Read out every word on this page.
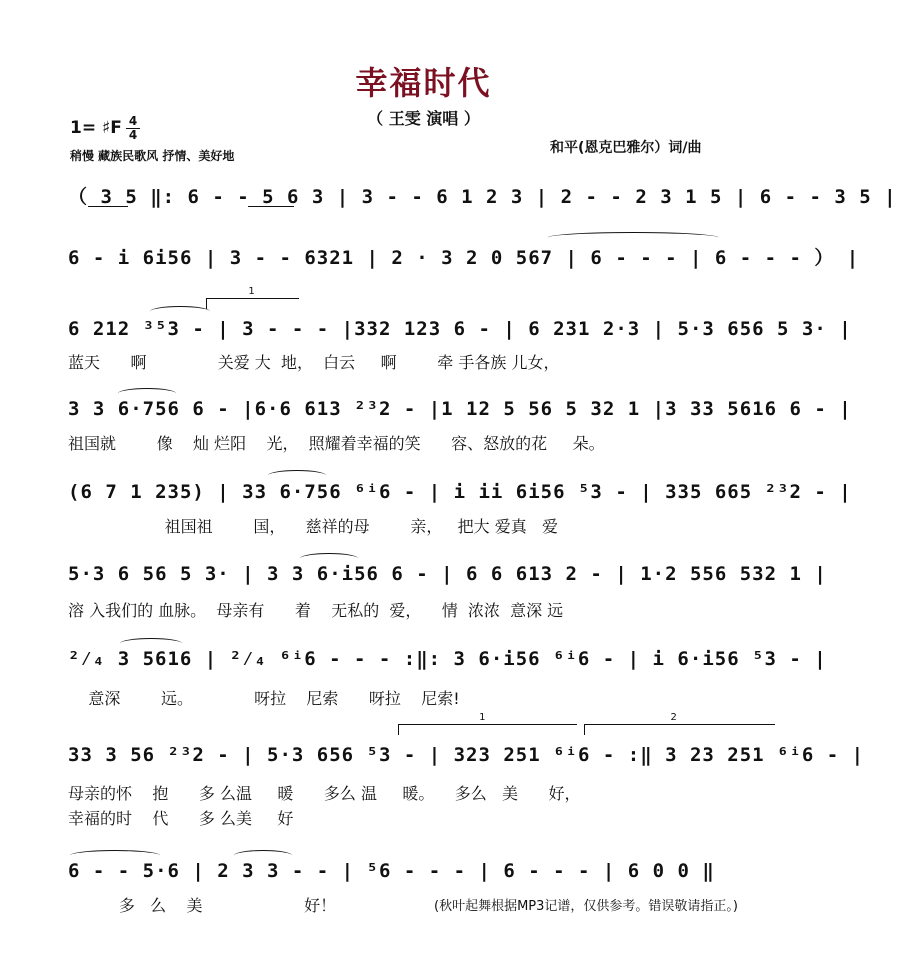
幸福时代
（ 王雯 演唱 ）
1= ♯F 4
4
稍慢 藏族民歌风 抒情、美好地	和平(恩克巴雅尔）词/曲
（ 3 5 ‖: 6 - - 5 6 3 | 3 - - 6 1 2 3 | 2 - - 2 3 1 5 | 6 - - 3 5 |
6 - i 6i56 | 3 - - 6321 | 2 · 3 2 0 567 | 6 - - - | 6 - - - ） |
1
6 212 ³⁵3 - | 3 - - - |332 123 6 - | 6 231 2·3 | 5·3 656 5 3· |
蓝天      啊              关爱 大  地，  白云     啊        牵 手各族 儿女，
3 3 6·756 6 - |6·6 613 ²³2 - |1 12 5 56 5 32 1 |3 33 5616 6 - |
祖国就        像    灿 烂阳    光，  照耀着幸福的笑      容、怒放的花     朵。
(6 7 1 235) | 33 6·756 ⁶ⁱ6 - | i ii 6i56 ⁵3 - | 335 665 ²³2 - |
祖国祖        国，    慈祥的母        亲，   把大 爱真   爱
5·3 6 56 5 3· | 3 3 6·i56 6 - | 6 6 613 2 - | 1·2 556 532 1 |
溶 入我们的 血脉。  母亲有      着    无私的  爱，    情  浓浓  意深 远
²⁄₄ 3 5616 | ²⁄₄ ⁶ⁱ6 - - - :‖: 3 6·i56 ⁶ⁱ6 - | i 6·i56 ⁵3 - |
意深        远。            呀拉    尼索      呀拉    尼索!
1	2
33 3 56 ²³2 - | 5·3 656 ⁵3 - | 323 251 ⁶ⁱ6 - :‖ 3 23 251 ⁶ⁱ6 - |
母亲的怀    抱      多 么温     暖      多么 温     暖。    多么   美      好，
幸福的时    代      多 么美     好
6 - - 5·6 | 2 3 3 - - | ⁵6 - - - | 6 - - - | 6 0 0 ‖
多   么    美                    好！	(秋叶起舞根据MP3记谱，仅供参考。错误敬请指正。)
